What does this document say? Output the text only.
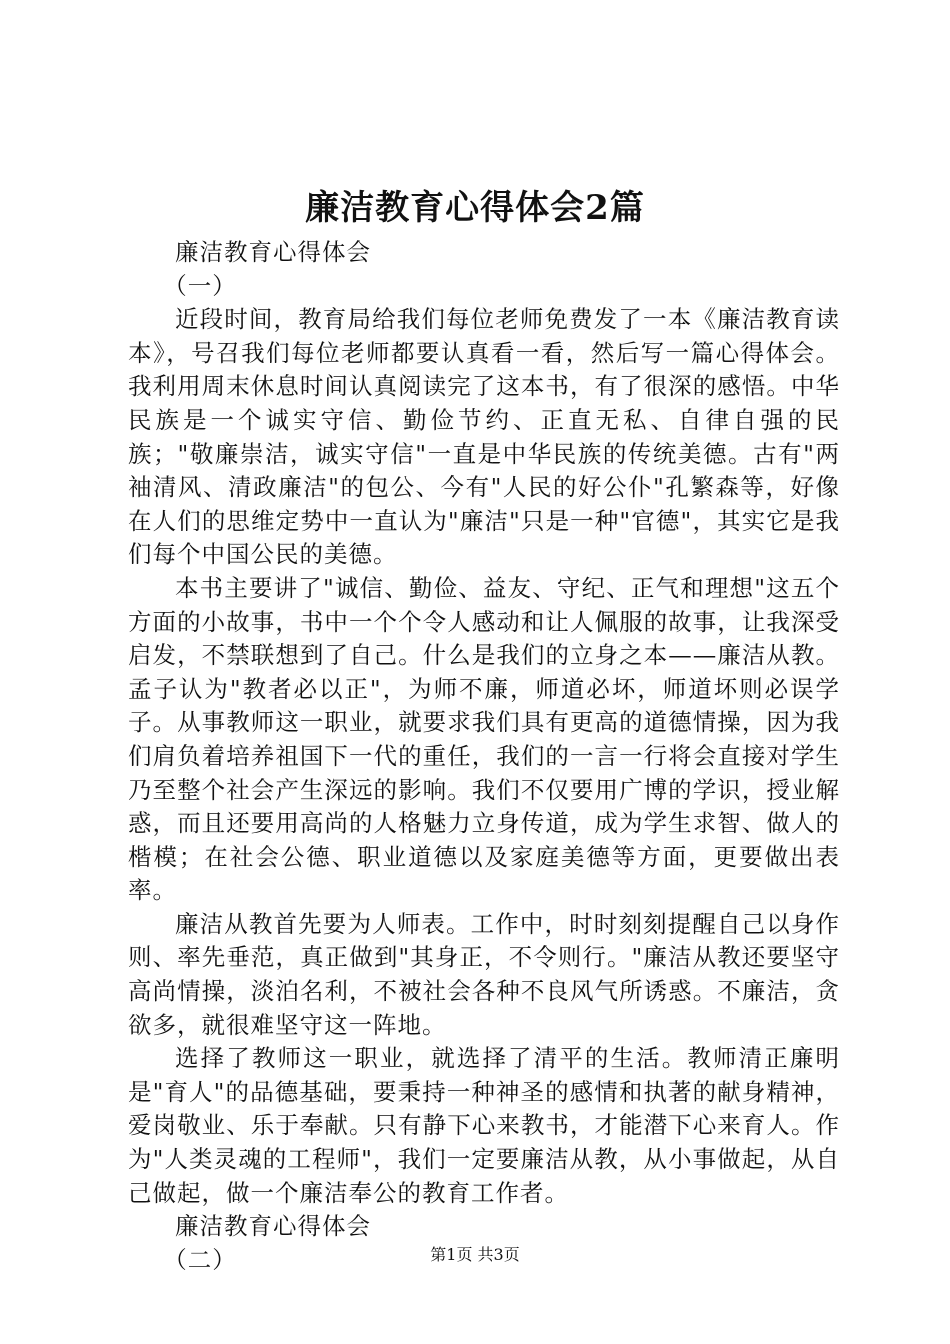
廉洁教育心得体会2篇

廉洁教育心得体会

（一）

近段时间，教育局给我们每位老师免费发了一本《廉洁教育读本》，号召我们每位老师都要认真看一看，然后写一篇心得体会。我利用周末休息时间认真阅读完了这本书，有了很深的感悟。中华民族是一个诚实守信、勤俭节约、正直无私、自律自强的民族；"敬廉崇洁，诚实守信"一直是中华民族的传统美德。古有"两袖清风、清政廉洁"的包公、今有"人民的好公仆"孔繁森等，好像在人们的思维定势中一直认为"廉洁"只是一种"官德"，其实它是我们每个中国公民的美德。

本书主要讲了"诚信、勤俭、益友、守纪、正气和理想"这五个方面的小故事，书中一个个令人感动和让人佩服的故事，让我深受启发，不禁联想到了自己。什么是我们的立身之本——廉洁从教。孟子认为"教者必以正"，为师不廉，师道必坏，师道坏则必误学子。从事教师这一职业，就要求我们具有更高的道德情操，因为我们肩负着培养祖国下一代的重任，我们的一言一行将会直接对学生乃至整个社会产生深远的影响。我们不仅要用广博的学识，授业解惑，而且还要用高尚的人格魅力立身传道，成为学生求智、做人的楷模；在社会公德、职业道德以及家庭美德等方面，更要做出表率。

廉洁从教首先要为人师表。工作中，时时刻刻提醒自己以身作则、率先垂范，真正做到"其身正，不令则行。"廉洁从教还要坚守高尚情操，淡泊名利，不被社会各种不良风气所诱惑。不廉洁，贪欲多，就很难坚守这一阵地。

选择了教师这一职业，就选择了清平的生活。教师清正廉明是"育人"的品德基础，要秉持一种神圣的感情和执著的献身精神，爱岗敬业、乐于奉献。只有静下心来教书，才能潜下心来育人。作为"人类灵魂的工程师"，我们一定要廉洁从教，从小事做起，从自己做起，做一个廉洁奉公的教育工作者。

廉洁教育心得体会

（二）	第1页 共3页
